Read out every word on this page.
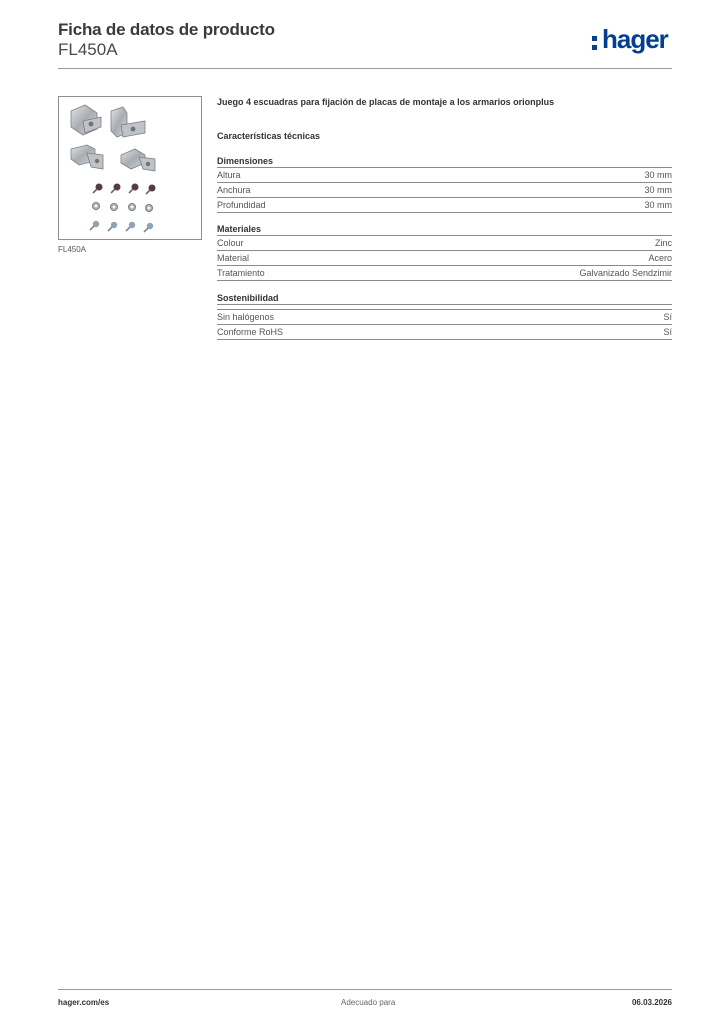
Ficha de datos de producto
FL450A	hager
FL450A
Juego 4 escuadras para fijación de placas de montaje a los armarios orionplus
Características técnicas
Dimensiones
Altura	30 mm
Anchura	30 mm
Profundidad	30 mm
Materiales
Colour	Zinc
Material	Acero
Tratamiento	Galvanizado Sendzimir
Sostenibilidad
Sin halógenos	Sí
Conforme RoHS	Sí
hager.com/es	Adecuado para	06.03.2026
